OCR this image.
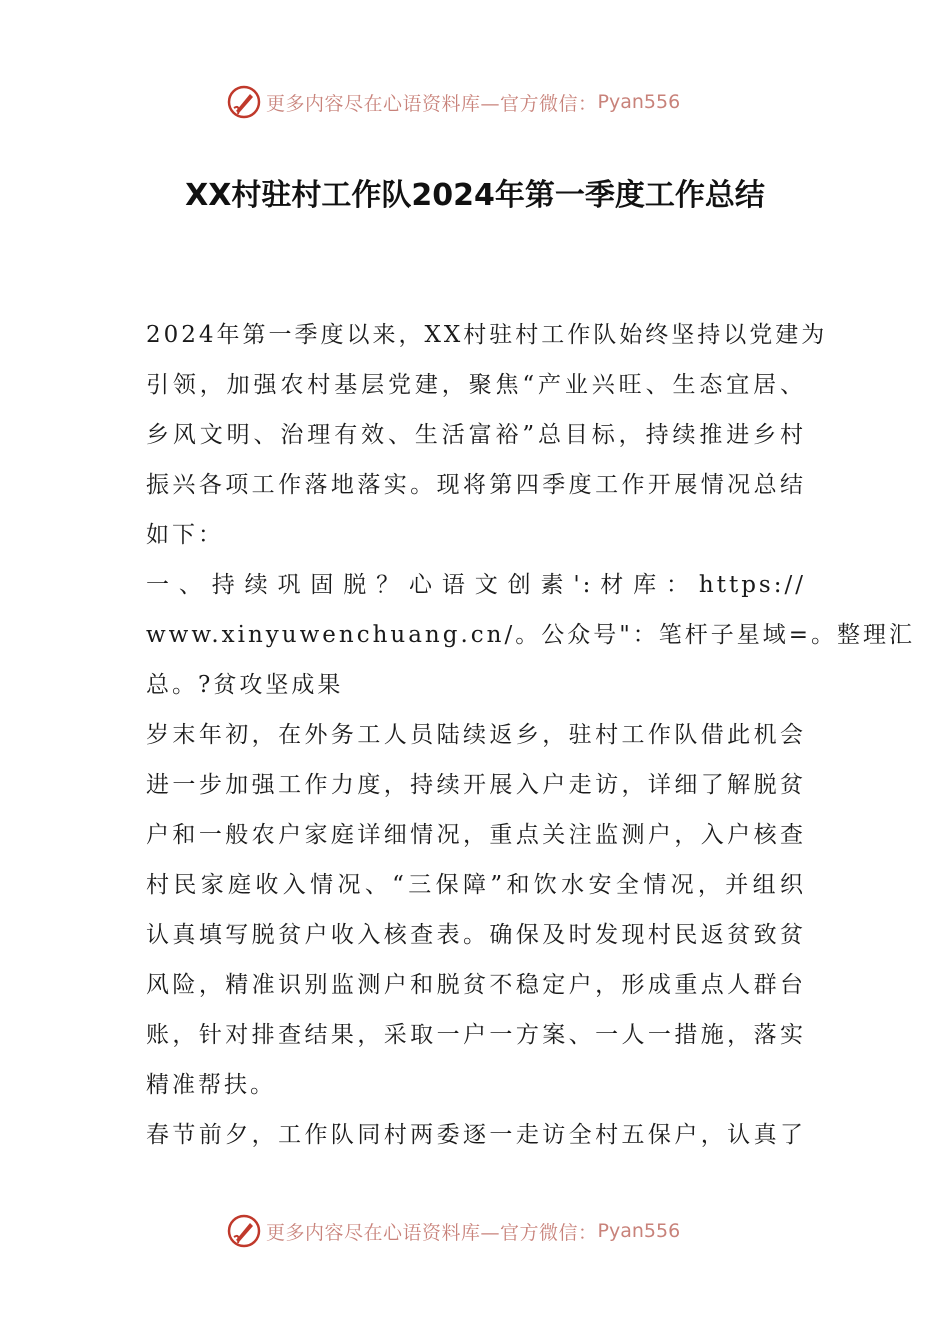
更多内容尽在心语资料库—官方微信： Pyan556
XX村驻村工作队2024年第一季度工作总结

2024年第一季度以来，XX村驻村工作队始终坚持以党建为
引领，加强农村基层党建，聚焦“产业兴旺、生态宜居、
乡风文明、治理有效、生活富裕”总目标，持续推进乡村
振兴各项工作落地落实。现将第四季度工作开展情况总结
如下：

一、持续巩固脱？心语文创素':材库：https://
www.xinyuwenchuang.cn/。公众号"：笔杆子星域=。整理汇
总。?贫攻坚成果

岁末年初，在外务工人员陆续返乡，驻村工作队借此机会
进一步加强工作力度，持续开展入户走访，详细了解脱贫
户和一般农户家庭详细情况，重点关注监测户，入户核查
村民家庭收入情况、“三保障”和饮水安全情况，并组织
认真填写脱贫户收入核查表。确保及时发现村民返贫致贫
风险，精准识别监测户和脱贫不稳定户，形成重点人群台
账，针对排查结果，采取一户一方案、一人一措施，落实
精准帮扶。

春节前夕，工作队同村两委逐一走访全村五保户，认真了

更多内容尽在心语资料库—官方微信： Pyan556
